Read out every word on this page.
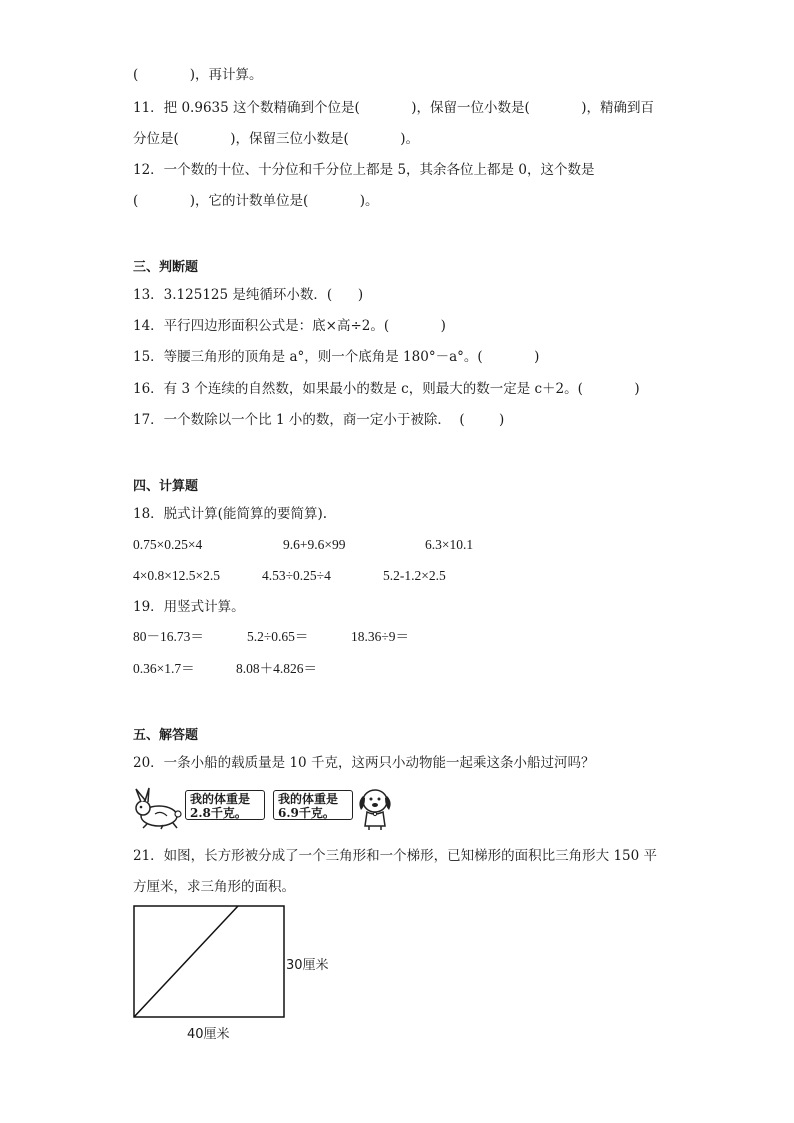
(            )，再计算。
11．把 0.9635 这个数精确到个位是(            )，保留一位小数是(            )，精确到百
分位是(            )，保留三位小数是(            )。
12．一个数的十位、十分位和千分位上都是 5，其余各位上都是 0，这个数是
(            )，它的计数单位是(            )。
三、判断题
13．3.125125 是纯循环小数．(      )
14．平行四边形面积公式是：底×高÷2。(            )
15．等腰三角形的顶角是 a°，则一个底角是 180°－a°。(            )
16．有 3 个连续的自然数，如果最小的数是 c，则最大的数一定是 c＋2。(            )
17．一个数除以一个比 1 小的数，商一定小于被除．  (        )
四、计算题
18．脱式计算(能简算的要简算).
0.75×0.25×4	9.6+9.6×99	6.3×10.1
4×0.8×12.5×2.5	4.53÷0.25÷4	5.2-1.2×2.5
19．用竖式计算。
80－16.73＝	5.2÷0.65＝	18.36÷9＝
0.36×1.7＝	8.08＋4.826＝
五、解答题
20．一条小船的载质量是 10 千克，这两只小动物能一起乘这条小船过河吗？
我的体重是
2.8千克。
我的体重是
6.9千克。
21．如图，长方形被分成了一个三角形和一个梯形，已知梯形的面积比三角形大 150 平
方厘米，求三角形的面积。
30厘米
40厘米
